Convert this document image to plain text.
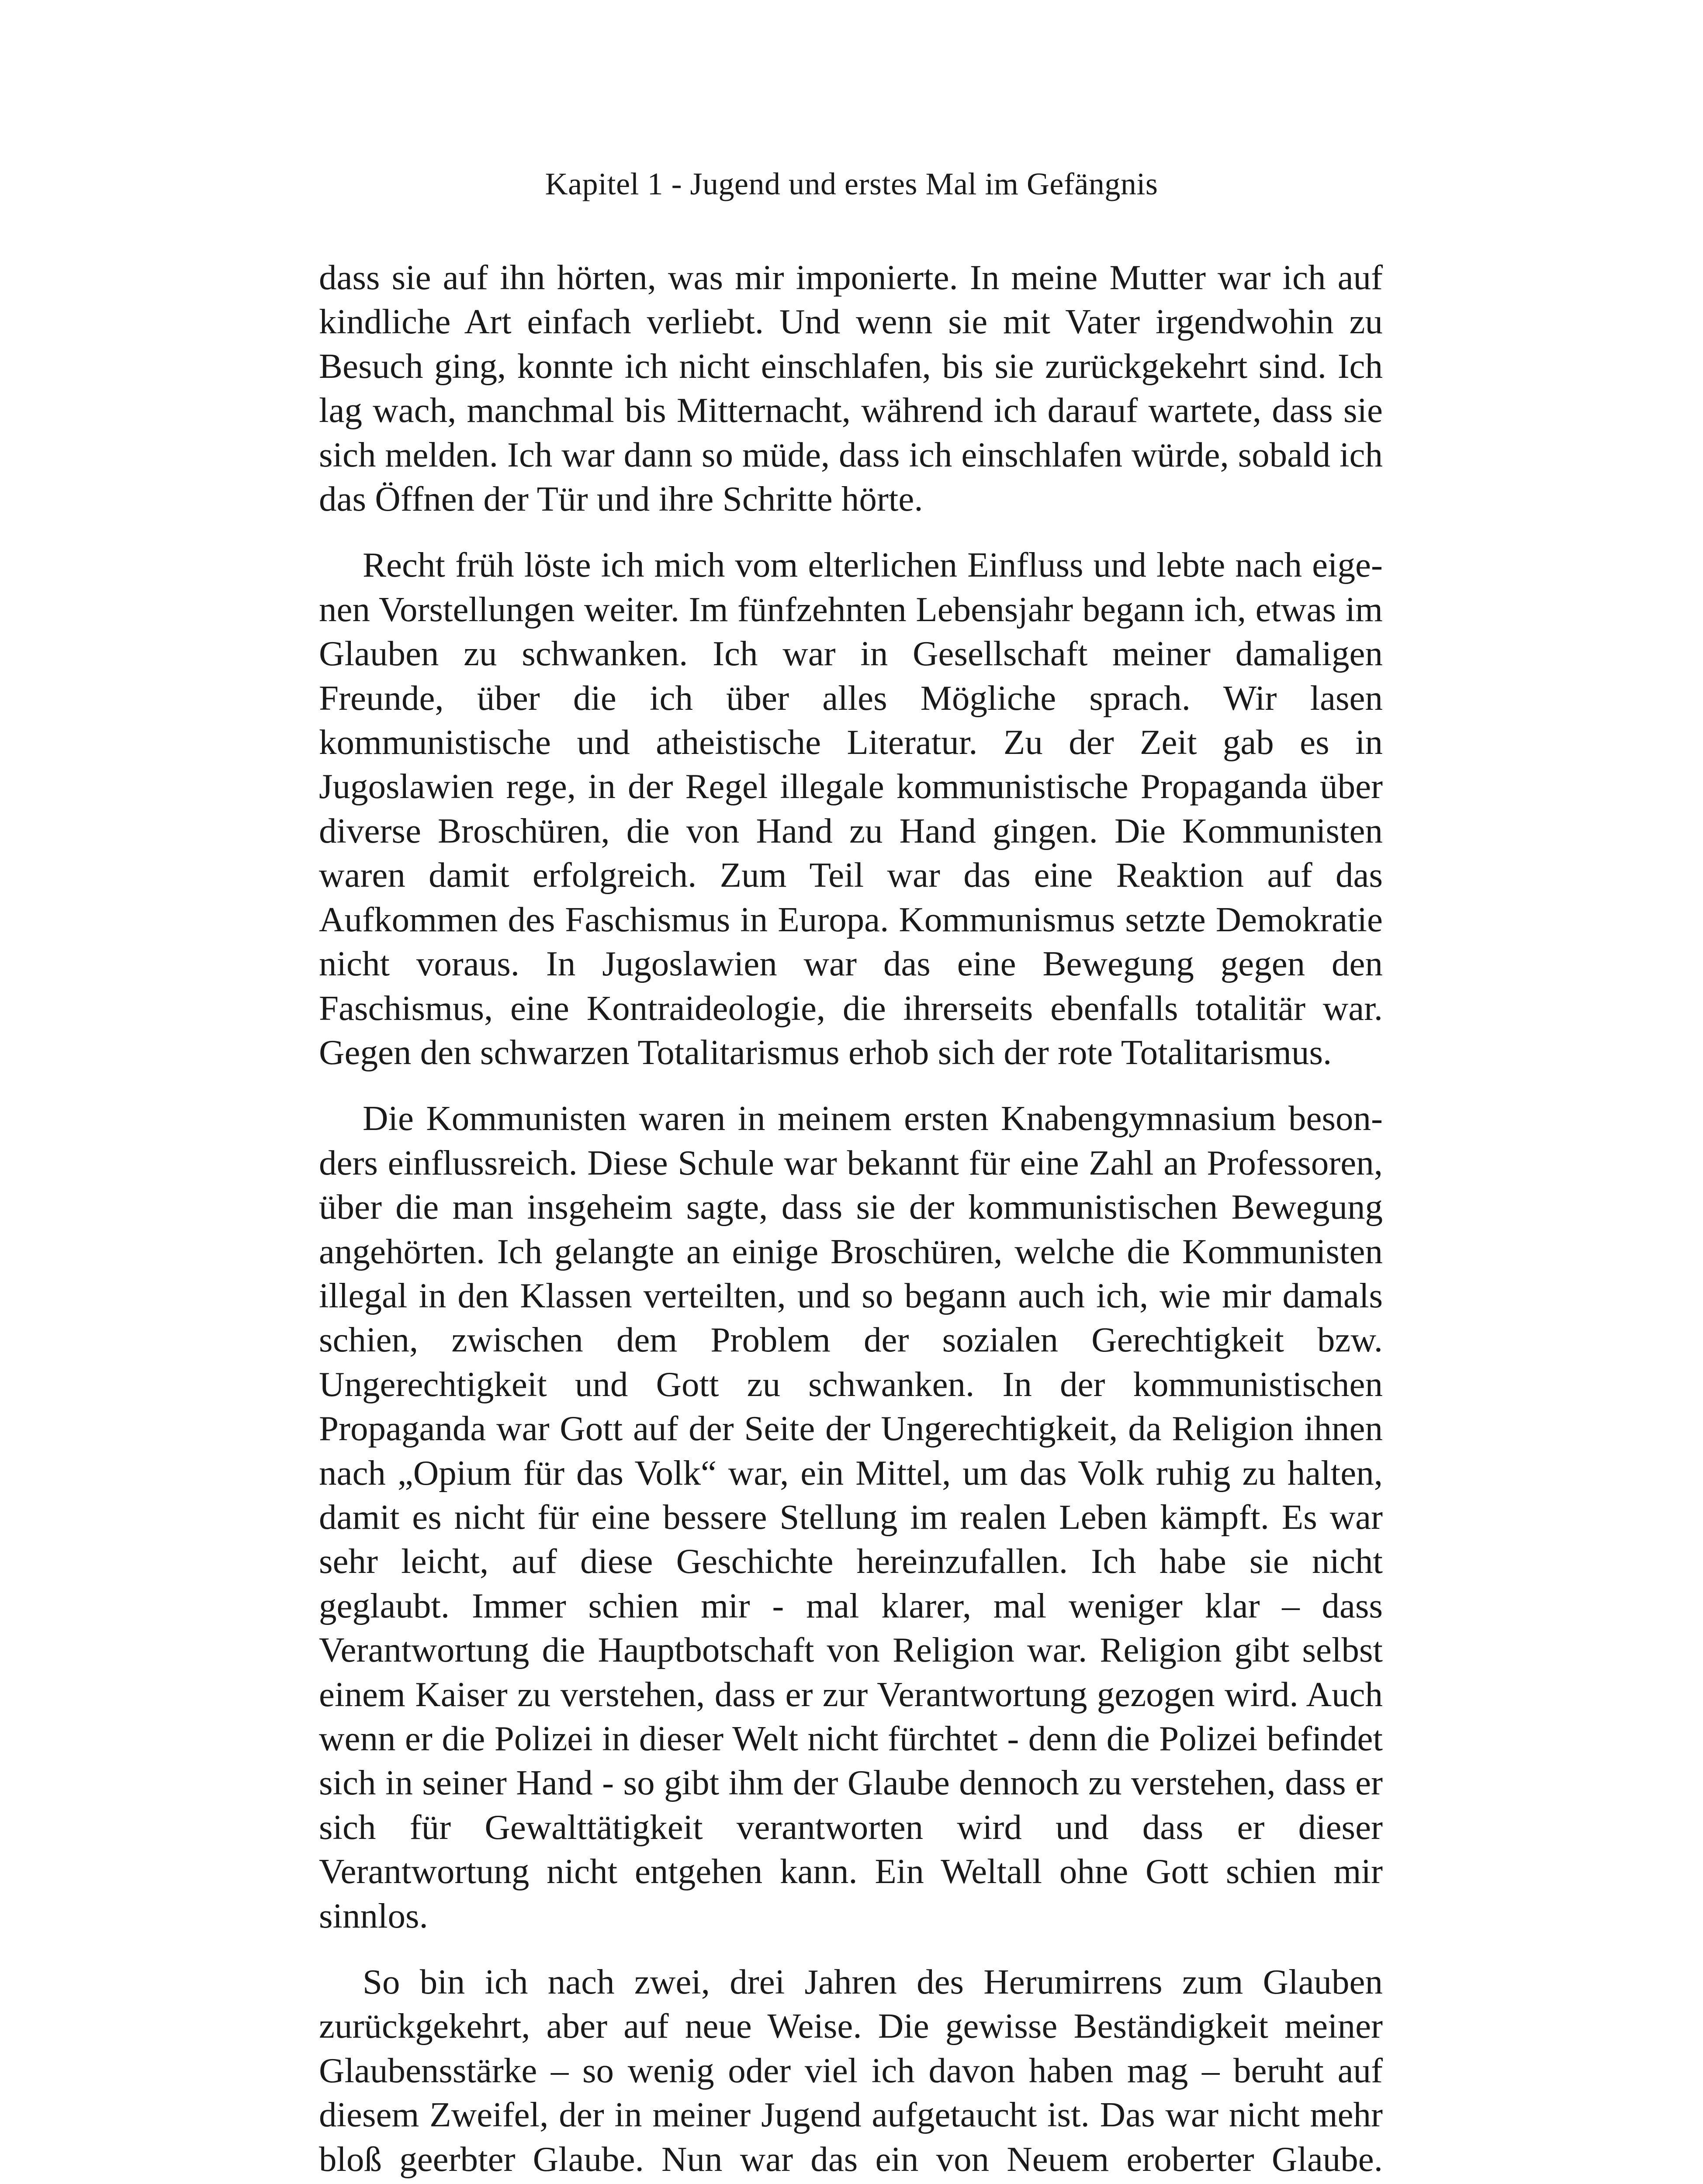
Kapitel 1 - Jugend und erstes Mal im Gefängnis

dass sie auf ihn hörten, was mir imponierte. In meine Mutter war ich auf kindliche Art einfach verliebt. Und wenn sie mit Vater irgendwohin zu Besuch ging, konnte ich nicht einschlafen, bis sie zurückgekehrt sind. Ich lag wach, manchmal bis Mitternacht, während ich darauf wartete, dass sie sich melden. Ich war dann so müde, dass ich einschlafen würde, sobald ich das Öffnen der Tür und ihre Schritte hörte.

Recht früh löste ich mich vom elterlichen Einfluss und lebte nach eigenen Vorstellungen weiter. Im fünfzehnten Lebensjahr begann ich, etwas im Glauben zu schwanken. Ich war in Gesellschaft meiner damaligen Freunde, über die ich über alles Mögliche sprach. Wir lasen kommunistische und atheistische Literatur. Zu der Zeit gab es in Jugoslawien rege, in der Regel illegale kommunistische Propaganda über diverse Broschüren, die von Hand zu Hand gingen. Die Kommunisten waren damit erfolgreich. Zum Teil war das eine Reaktion auf das Aufkommen des Faschismus in Europa. Kommunismus setzte Demokratie nicht voraus. In Jugoslawien war das eine Bewegung gegen den Faschismus, eine Kontraideologie, die ihrerseits ebenfalls totalitär war. Gegen den schwarzen Totalitarismus erhob sich der rote Totalitarismus.

Die Kommunisten waren in meinem ersten Knabengymnasium besonders einflussreich. Diese Schule war bekannt für eine Zahl an Professoren, über die man insgeheim sagte, dass sie der kommunistischen Bewegung angehörten. Ich gelangte an einige Broschüren, welche die Kommunisten illegal in den Klassen verteilten, und so begann auch ich, wie mir damals schien, zwischen dem Problem der sozialen Gerechtigkeit bzw. Ungerechtigkeit und Gott zu schwanken. In der kommunistischen Propaganda war Gott auf der Seite der Ungerechtigkeit, da Religion ihnen nach „Opium für das Volk“ war, ein Mittel, um das Volk ruhig zu halten, damit es nicht für eine bessere Stellung im realen Leben kämpft. Es war sehr leicht, auf diese Geschichte hereinzufallen. Ich habe sie nicht geglaubt. Immer schien mir - mal klarer, mal weniger klar – dass Verantwortung die Hauptbotschaft von Religion war. Religion gibt selbst einem Kaiser zu verstehen, dass er zur Verantwortung gezogen wird. Auch wenn er die Polizei in dieser Welt nicht fürchtet - denn die Polizei befindet sich in seiner Hand - so gibt ihm der Glaube dennoch zu verstehen, dass er sich für Gewalttätigkeit verantworten wird und dass er dieser Verantwortung nicht entgehen kann. Ein Weltall ohne Gott schien mir sinnlos.

So bin ich nach zwei, drei Jahren des Herumirrens zum Glauben zurückgekehrt, aber auf neue Weise. Die gewisse Beständigkeit meiner Glaubensstärke – so wenig oder viel ich davon haben mag – beruht auf diesem Zweifel, der in meiner Jugend aufgetaucht ist. Das war nicht mehr bloß geerbter Glaube. Nun war das ein von Neuem eroberter Glaube.
